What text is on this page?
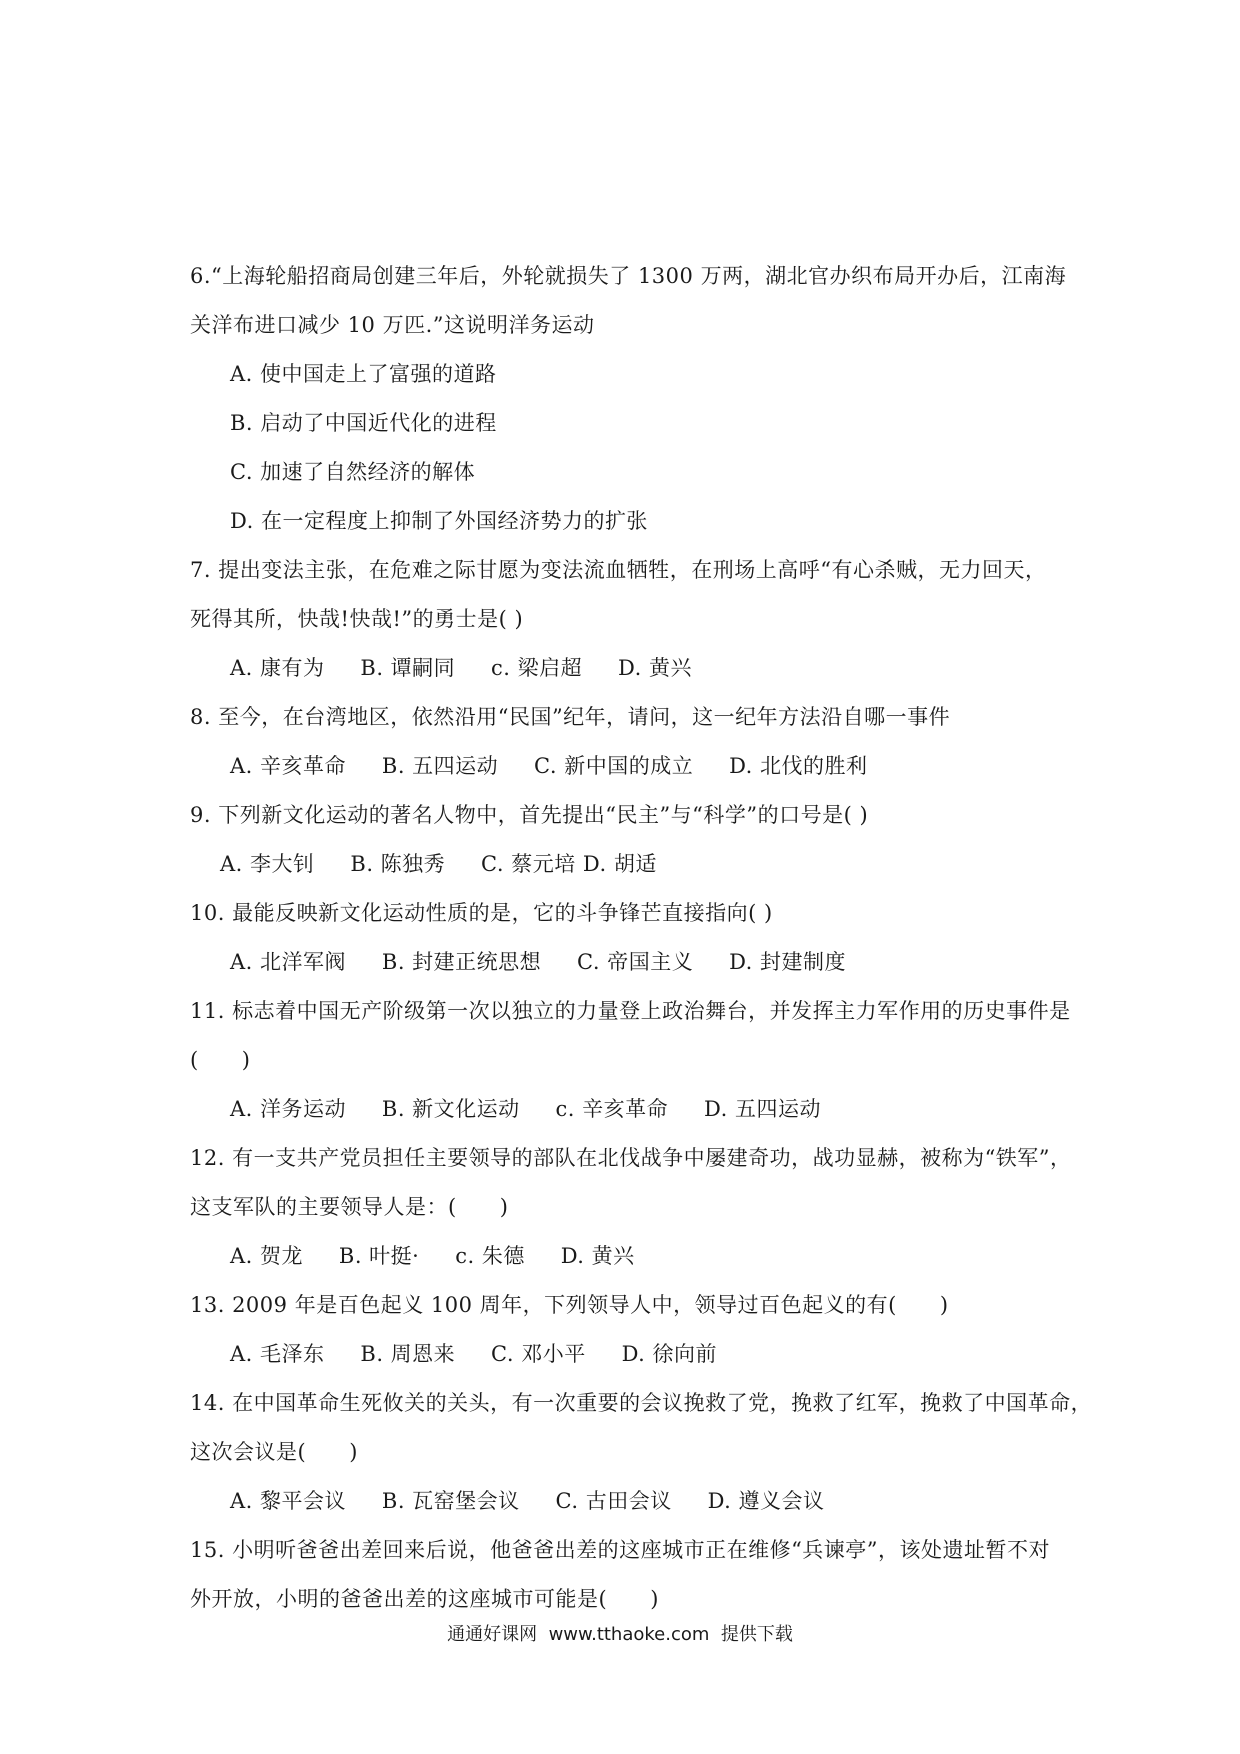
6.“上海轮船招商局创建三年后，外轮就损失了 1300 万两，湖北官办织布局开办后，江南海
关洋布进口减少 10 万匹.”这说明洋务运动
A. 使中国走上了富强的道路
B. 启动了中国近代化的进程
C. 加速了自然经济的解体
D. 在一定程度上抑制了外国经济势力的扩张
7. 提出变法主张，在危难之际甘愿为变法流血牺牲，在刑场上高呼“有心杀贼，无力回天，
死得其所，快哉!快哉!”的勇士是( )
A. 康有为     B. 谭嗣同     c. 梁启超     D. 黄兴
8. 至今，在台湾地区，依然沿用“民国”纪年，请问，这一纪年方法沿自哪一事件
A. 辛亥革命     B. 五四运动     C. 新中国的成立     D. 北伐的胜利
9. 下列新文化运动的著名人物中，首先提出“民主”与“科学”的口号是( )
A. 李大钊     B. 陈独秀     C. 蔡元培 D. 胡适
10. 最能反映新文化运动性质的是，它的斗争锋芒直接指向( )
A. 北洋军阀     B. 封建正统思想     C. 帝国主义     D. 封建制度
11. 标志着中国无产阶级第一次以独立的力量登上政治舞台，并发挥主力军作用的历史事件是
(      )
A. 洋务运动     B. 新文化运动     c. 辛亥革命     D. 五四运动
12. 有一支共产党员担任主要领导的部队在北伐战争中屡建奇功，战功显赫，被称为“铁军”，
这支军队的主要领导人是：(      )
A. 贺龙     B. 叶挺·     c. 朱德     D. 黄兴
13. 2009 年是百色起义 100 周年，下列领导人中，领导过百色起义的有(      )
A. 毛泽东     B. 周恩来     C. 邓小平     D. 徐向前
14. 在中国革命生死攸关的关头，有一次重要的会议挽救了党，挽救了红军，挽救了中国革命，
这次会议是(      )
A. 黎平会议     B. 瓦窑堡会议     C. 古田会议     D. 遵义会议
15. 小明听爸爸出差回来后说，他爸爸出差的这座城市正在维修“兵谏亭”，该处遗址暂不对
外开放，小明的爸爸出差的这座城市可能是(      )
通通好课网  www.tthaoke.com  提供下载
